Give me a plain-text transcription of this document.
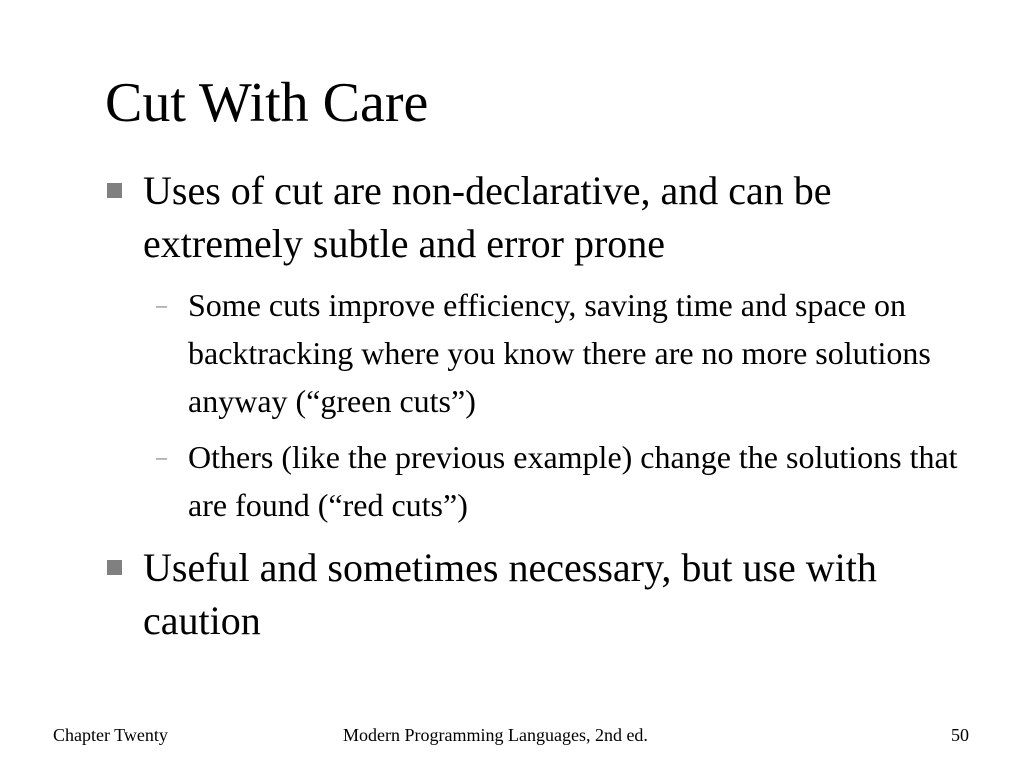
Cut With Care
Uses of cut are non-declarative, and can be extremely subtle and error prone
– Some cuts improve efficiency, saving time and space on backtracking where you know there are no more solutions anyway (“green cuts”)
– Others (like the previous example) change the solutions that are found (“red cuts”)
Useful and sometimes necessary, but use with caution
Chapter Twenty	Modern Programming Languages, 2nd ed.	50
